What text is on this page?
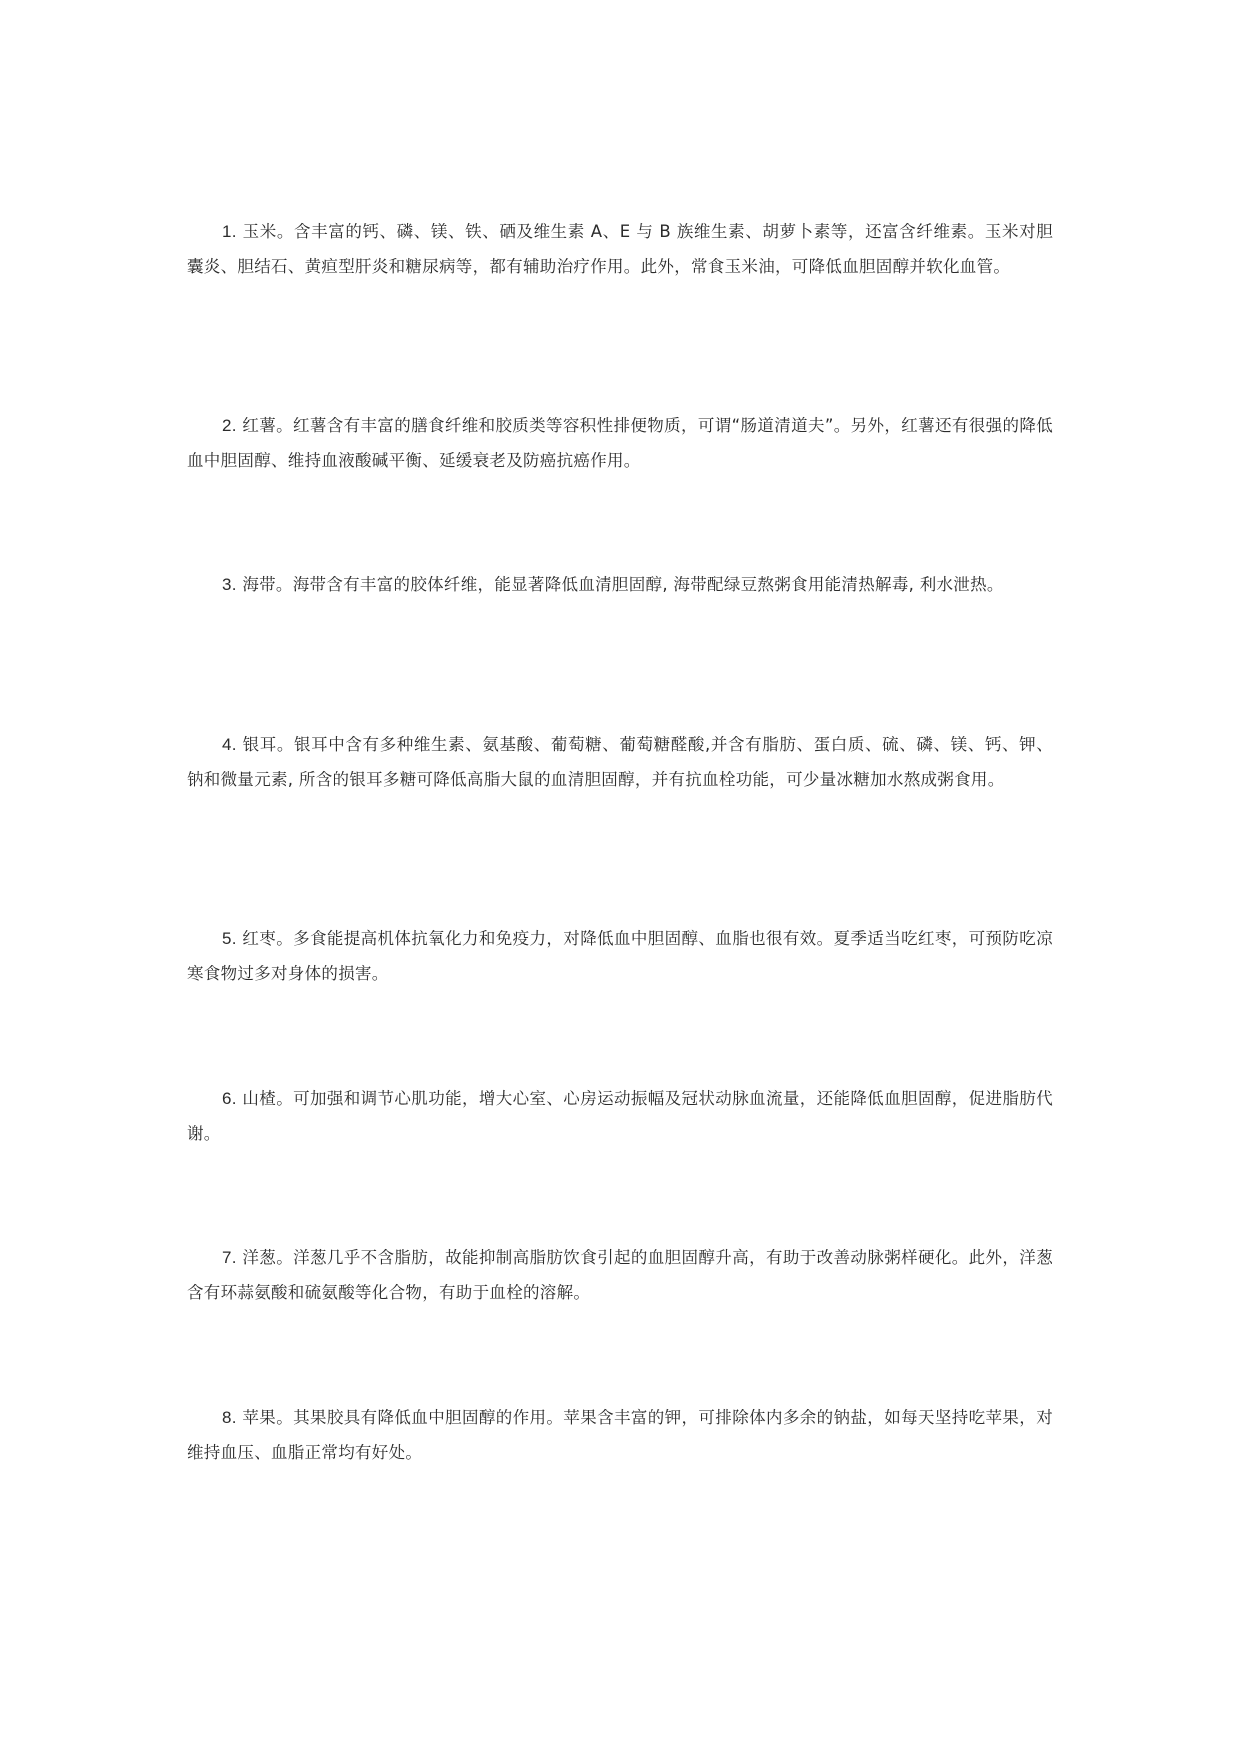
1. 玉米。含丰富的钙、磷、镁、铁、硒及维生素 A、E 与 B 族维生素、胡萝卜素等，还富含纤维素。玉米对胆囊炎、胆结石、黄疸型肝炎和糖尿病等，都有辅助治疗作用。此外，常食玉米油，可降低血胆固醇并软化血管。

2. 红薯。红薯含有丰富的膳食纤维和胶质类等容积性排便物质，可谓“肠道清道夫”。另外，红薯还有很强的降低血中胆固醇、维持血液酸碱平衡、延缓衰老及防癌抗癌作用。

3. 海带。海带含有丰富的胶体纤维，能显著降低血清胆固醇, 海带配绿豆熬粥食用能清热解毒, 利水泄热。

4. 银耳。银耳中含有多种维生素、氨基酸、葡萄糖、葡萄糖醛酸,并含有脂肪、蛋白质、硫、磷、镁、钙、钾、钠和微量元素, 所含的银耳多糖可降低高脂大鼠的血清胆固醇，并有抗血栓功能，可少量冰糖加水熬成粥食用。

5. 红枣。多食能提高机体抗氧化力和免疫力，对降低血中胆固醇、血脂也很有效。夏季适当吃红枣，可预防吃凉寒食物过多对身体的损害。

6. 山楂。可加强和调节心肌功能，增大心室、心房运动振幅及冠状动脉血流量，还能降低血胆固醇，促进脂肪代谢。

7. 洋葱。洋葱几乎不含脂肪，故能抑制高脂肪饮食引起的血胆固醇升高，有助于改善动脉粥样硬化。此外，洋葱含有环蒜氨酸和硫氨酸等化合物，有助于血栓的溶解。

8. 苹果。其果胶具有降低血中胆固醇的作用。苹果含丰富的钾，可排除体内多余的钠盐，如每天坚持吃苹果，对维持血压、血脂正常均有好处。
